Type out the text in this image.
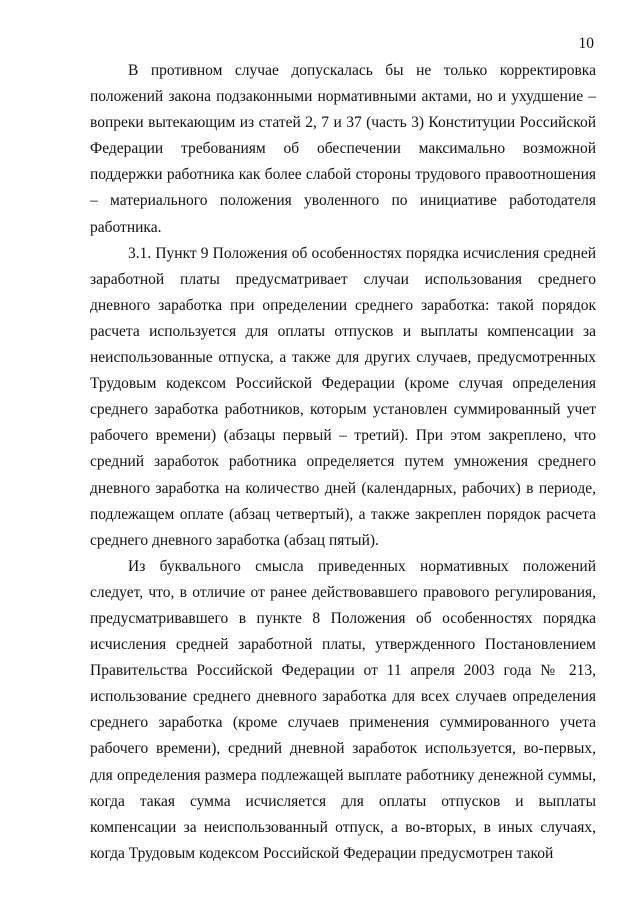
10

В противном случае допускалась бы не только корректировка положений закона подзаконными нормативными актами, но и ухудшение – вопреки вытекающим из статей 2, 7 и 37 (часть 3) Конституции Российской Федерации требованиям об обеспечении максимально возможной поддержки работника как более слабой стороны трудового правоотношения – материального положения уволенного по инициативе работодателя работника.

3.1. Пункт 9 Положения об особенностях порядка исчисления средней заработной платы предусматривает случаи использования среднего дневного заработка при определении среднего заработка: такой порядок расчета используется для оплаты отпусков и выплаты компенсации за неиспользованные отпуска, а также для других случаев, предусмотренных Трудовым кодексом Российской Федерации (кроме случая определения среднего заработка работников, которым установлен суммированный учет рабочего времени) (абзацы первый – третий). При этом закреплено, что средний заработок работника определяется путем умножения среднего дневного заработка на количество дней (календарных, рабочих) в периоде, подлежащем оплате (абзац четвертый), а также закреплен порядок расчета среднего дневного заработка (абзац пятый).

Из буквального смысла приведенных нормативных положений следует, что, в отличие от ранее действовавшего правового регулирования, предусматривавшего в пункте 8 Положения об особенностях порядка исчисления средней заработной платы, утвержденного Постановлением Правительства Российской Федерации от 11 апреля 2003 года № 213, использование среднего дневного заработка для всех случаев определения среднего заработка (кроме случаев применения суммированного учета рабочего времени), средний дневной заработок используется, во-первых, для определения размера подлежащей выплате работнику денежной суммы, когда такая сумма исчисляется для оплаты отпусков и выплаты компенсации за неиспользованный отпуск, а во-вторых, в иных случаях, когда Трудовым кодексом Российской Федерации предусмотрен такой
